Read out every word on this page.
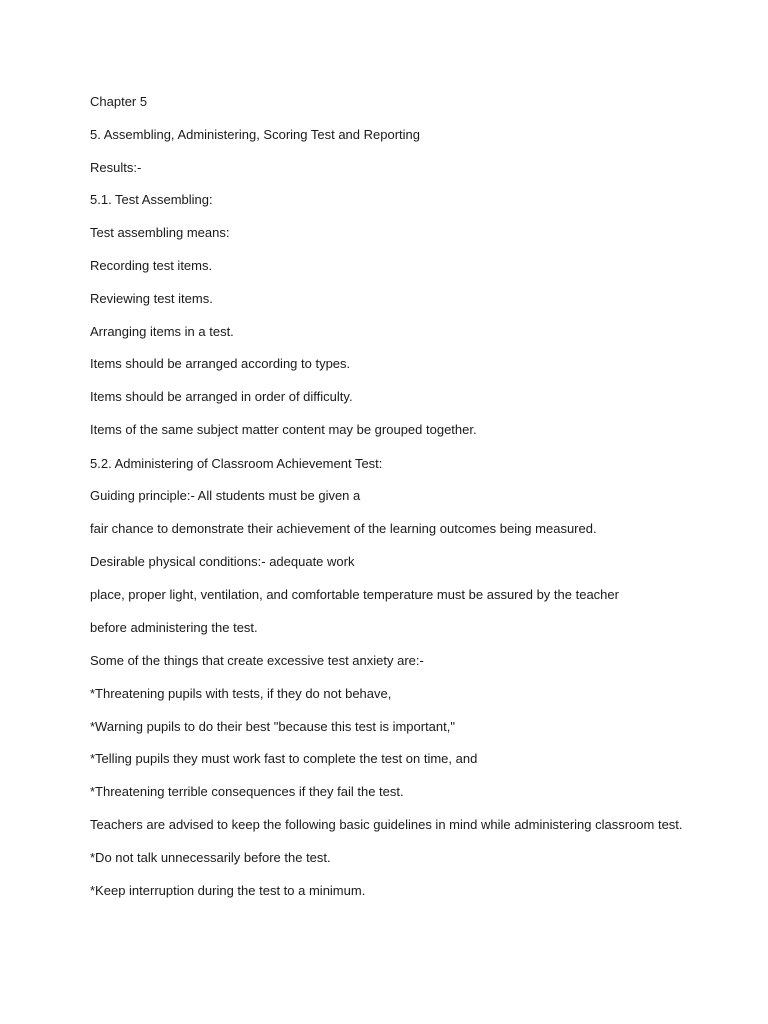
Chapter 5
5. Assembling, Administering, Scoring Test and Reporting
Results:-
5.1. Test Assembling:
Test assembling means:
Recording test items.
Reviewing test items.
Arranging items in a test.
Items should be arranged according to types.
Items should be arranged in order of difficulty.
Items of the same subject matter content may be grouped together.
5.2. Administering of Classroom Achievement Test:
Guiding principle:- All students must be given a
fair chance to demonstrate their achievement of the learning outcomes being measured.
Desirable physical conditions:- adequate work
place, proper light, ventilation, and comfortable temperature must be assured by the teacher
before administering the test.
Some of the things that create excessive test anxiety are:-
*Threatening pupils with tests, if they do not behave,
*Warning pupils to do their best "because this test is important,"
*Telling pupils they must work fast to complete the test on time, and
*Threatening terrible consequences if they fail the test.
Teachers are advised to keep the following basic guidelines in mind while administering classroom test.
*Do not talk unnecessarily before the test.
*Keep interruption during the test to a minimum.
